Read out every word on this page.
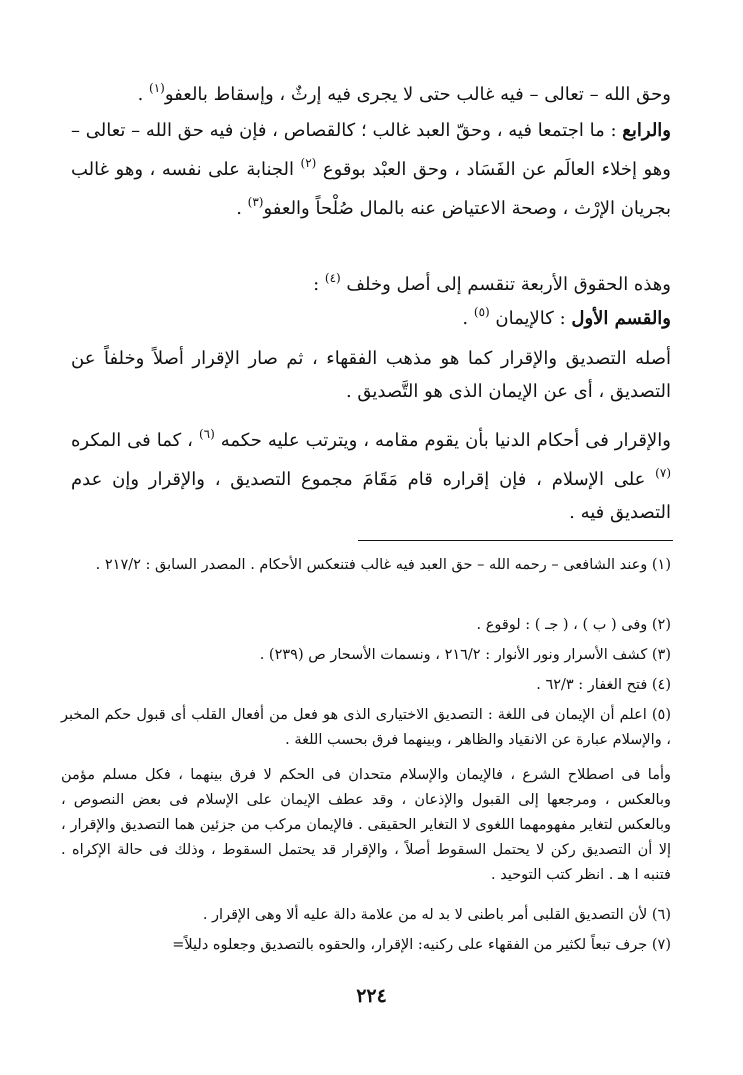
وحق الله – تعالى – فيه غالب حتى لا يجرى فيه إرثٌ ، وإسقاط بالعفو$^{(١)}$ .

والرابع : ما اجتمعا فيه ، وحقّ العبد غالب ؛ كالقصاص ، فإن فيه حق الله – تعالى – وهو إخلاء العالَم عن الفَسَاد ، وحق العبْد بوقوع $^{(٢)}$ الجنابة على نفسه ، وهو غالب بجريان الإرْث ، وصحة الاعتياض عنه بالمال صُلْحاً والعفو$^{(٣)}$ .

وهذه الحقوق الأربعة تنقسم إلى أصل وخلف $^{(٤)}$ :

والقسم الأول : كالإيمان $^{(٥)}$ .

أصله التصديق والإقرار كما هو مذهب الفقهاء ، ثم صار الإقرار أصلاً وخلفاً عن التصديق ، أى عن الإيمان الذى هو التَّصديق .

والإقرار فى أحكام الدنيا بأن يقوم مقامه ، ويترتب عليه حكمه $^{(٦)}$ ، كما فى المكره $^{(٧)}$ على الإسلام ، فإن إقراره قام مَقَامَ مجموع التصديق ، والإقرار وإن عدم التصديق فيه .

(١) وعند الشافعى – رحمه الله – حق العبد فيه غالب فتنعكس الأحكام . المصدر السابق : ٢١٧/٢ .

(٢) وفى ( ب ) ، ( جـ ) : لوقوع .

(٣) كشف الأسرار ونور الأنوار : ٢١٦/٢ ، ونسمات الأسحار ص (٢٣٩) .

(٤) فتح الغفار : ٦٢/٣ .

(٥) اعلم أن الإيمان فى اللغة : التصديق الاختيارى الذى هو فعل من أفعال القلب أى قبول حكم المخبر ، والإسلام عبارة عن الانقياد والظاهر ، وبينهما فرق بحسب اللغة .

وأما فى اصطلاح الشرع ، فالإيمان والإسلام متحدان فى الحكم لا فرق بينهما ، فكل مسلم مؤمن وبالعكس ، ومرجعها إلى القبول والإذعان ، وقد عطف الإيمان على الإسلام فى بعض النصوص ، وبالعكس لتغاير مفهومهما اللغوى لا التغاير الحقيقى . فالإيمان مركب من جزئين هما التصديق والإقرار ، إلا أن التصديق ركن لا يحتمل السقوط أصلاً ، والإقرار قد يحتمل السقوط ، وذلك فى حالة الإكراه . فتنبه ا هـ . انظر كتب التوحيد .

(٦) لأن التصديق القلبى أمر باطنى لا بد له من علامة دالة عليه ألا وهى الإقرار .

(٧) جرف تبعاً لكثير من الفقهاء على ركنيه: الإقرار، والحقوه بالتصديق وجعلوه دليلاً=

٢٢٤
